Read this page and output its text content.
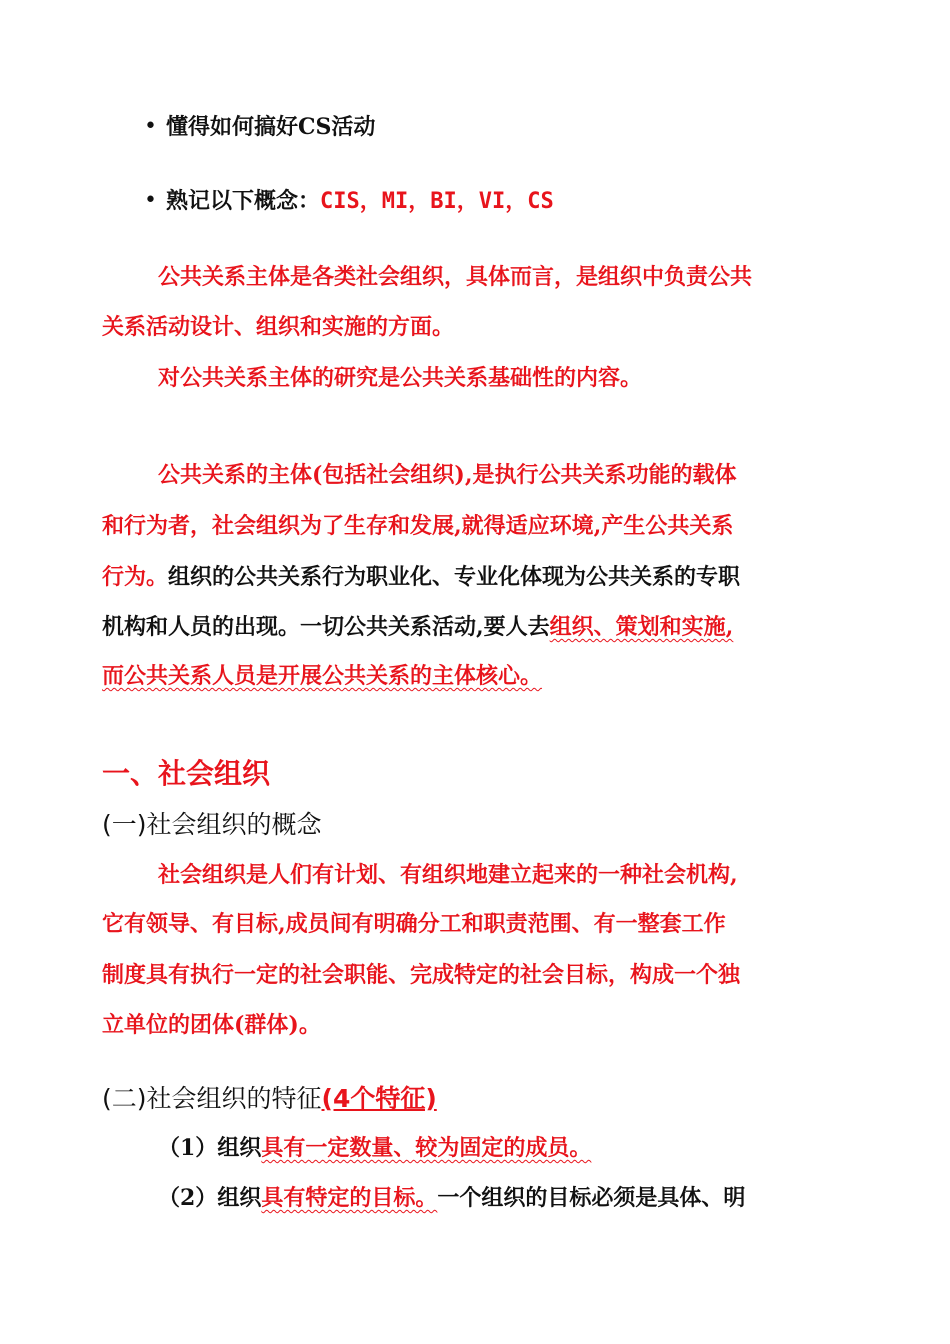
• 懂得如何搞好CS活动
• 熟记以下概念：CIS，MI，BI，VI，CS
公共关系主体是各类社会组织，具体而言，是组织中负责公共
关系活动设计、组织和实施的方面。
对公共关系主体的研究是公共关系基础性的内容。
公共关系的主体(包括社会组织),是执行公共关系功能的载体
和行为者，社会组织为了生存和发展,就得适应环境,产生公共关系
行为。组织的公共关系行为职业化、专业化体现为公共关系的专职
机构和人员的出现。一切公共关系活动,要人去组织、策划和实施,
而公共关系人员是开展公共关系的主体核心。
一、社会组织
(一)社会组织的概念
社会组织是人们有计划、有组织地建立起来的一种社会机构,
它有领导、有目标,成员间有明确分工和职责范围、有一整套工作
制度具有执行一定的社会职能、完成特定的社会目标，构成一个独
立单位的团体(群体)。
(二)社会组织的特征(4个特征)
（1）组织具有一定数量、较为固定的成员。
（2）组织具有特定的目标。一个组织的目标必须是具体、明
